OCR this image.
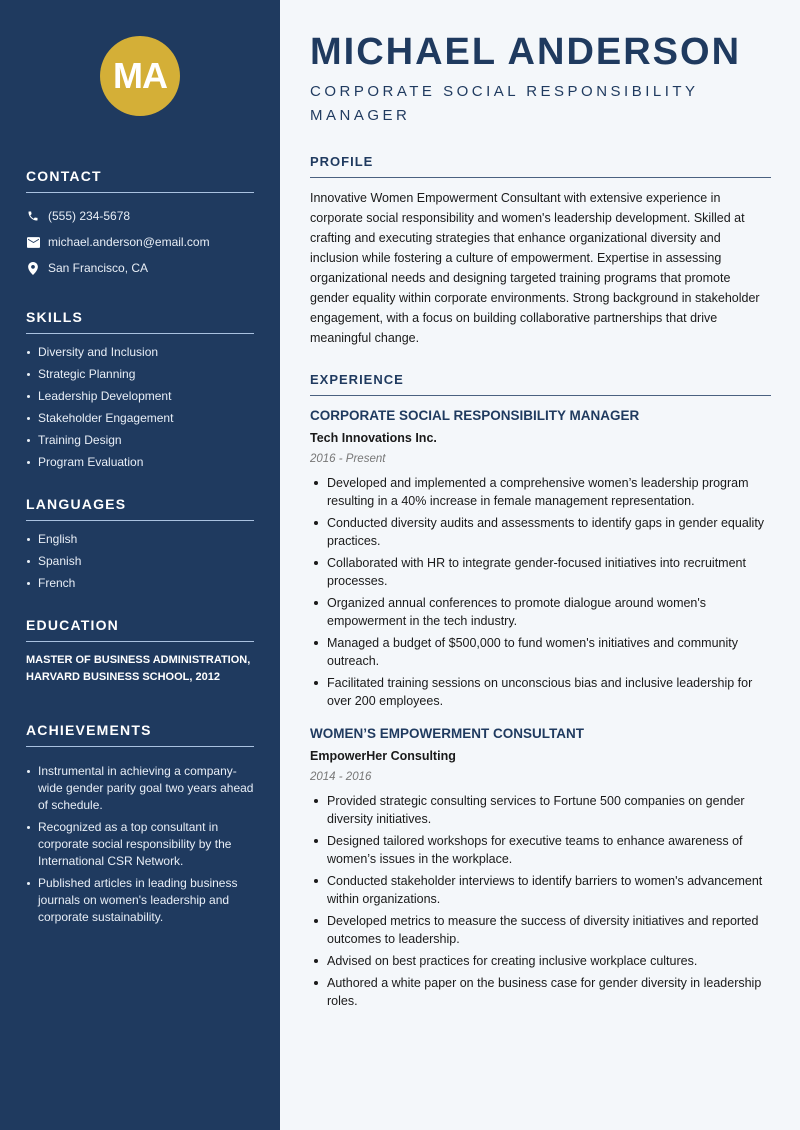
MA
CONTACT
(555) 234-5678
michael.anderson@email.com
San Francisco, CA
SKILLS
Diversity and Inclusion
Strategic Planning
Leadership Development
Stakeholder Engagement
Training Design
Program Evaluation
LANGUAGES
English
Spanish
French
EDUCATION
MASTER OF BUSINESS ADMINISTRATION, HARVARD BUSINESS SCHOOL, 2012
ACHIEVEMENTS
Instrumental in achieving a company-wide gender parity goal two years ahead of schedule.
Recognized as a top consultant in corporate social responsibility by the International CSR Network.
Published articles in leading business journals on women's leadership and corporate sustainability.
MICHAEL ANDERSON
CORPORATE SOCIAL RESPONSIBILITY MANAGER
PROFILE

Innovative Women Empowerment Consultant with extensive experience in corporate social responsibility and women's leadership development. Skilled at crafting and executing strategies that enhance organizational diversity and inclusion while fostering a culture of empowerment. Expertise in assessing organizational needs and designing targeted training programs that promote gender equality within corporate environments. Strong background in stakeholder engagement, with a focus on building collaborative partnerships that drive meaningful change.

EXPERIENCE
CORPORATE SOCIAL RESPONSIBILITY MANAGER
Tech Innovations Inc.
2016 - Present
Developed and implemented a comprehensive women’s leadership program resulting in a 40% increase in female management representation.
Conducted diversity audits and assessments to identify gaps in gender equality practices.
Collaborated with HR to integrate gender-focused initiatives into recruitment processes.
Organized annual conferences to promote dialogue around women's empowerment in the tech industry.
Managed a budget of $500,000 to fund women's initiatives and community outreach.
Facilitated training sessions on unconscious bias and inclusive leadership for over 200 employees.
WOMEN’S EMPOWERMENT CONSULTANT
EmpowerHer Consulting
2014 - 2016
Provided strategic consulting services to Fortune 500 companies on gender diversity initiatives.
Designed tailored workshops for executive teams to enhance awareness of women’s issues in the workplace.
Conducted stakeholder interviews to identify barriers to women's advancement within organizations.
Developed metrics to measure the success of diversity initiatives and reported outcomes to leadership.
Advised on best practices for creating inclusive workplace cultures.
Authored a white paper on the business case for gender diversity in leadership roles.
